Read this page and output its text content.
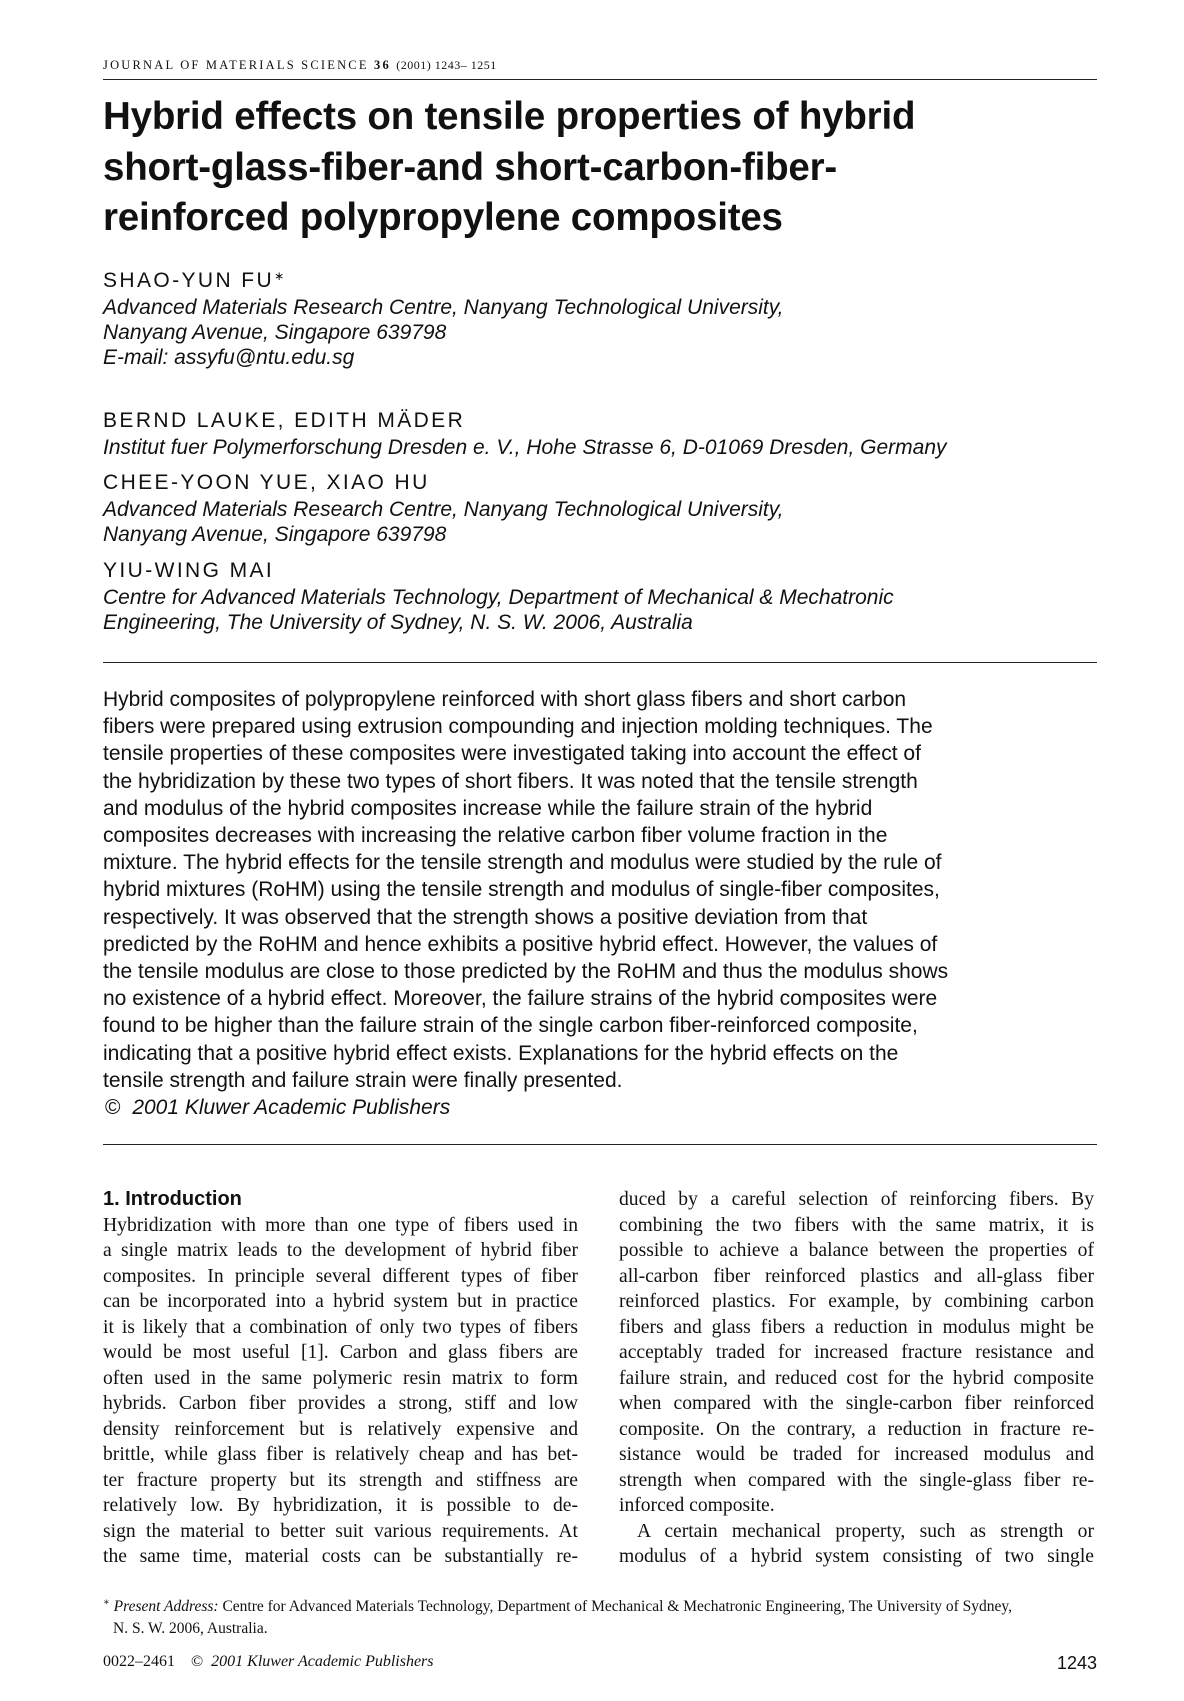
JOURNAL OF MATERIALS SCIENCE 36 (2001) 1243– 1251
Hybrid effects on tensile properties of hybrid
short-glass-fiber-and short-carbon-fiber-
reinforced polypropylene composites
SHAO-YUN FU∗
Advanced Materials Research Centre, Nanyang Technological University,
Nanyang Avenue, Singapore 639798
E-mail: assyfu@ntu.edu.sg
BERND LAUKE, EDITH MÄDER
Institut fuer Polymerforschung Dresden e. V., Hohe Strasse 6, D-01069 Dresden, Germany
CHEE-YOON YUE, XIAO HU
Advanced Materials Research Centre, Nanyang Technological University,
Nanyang Avenue, Singapore 639798
YIU-WING MAI
Centre for Advanced Materials Technology, Department of Mechanical & Mechatronic
Engineering, The University of Sydney, N. S. W. 2006, Australia
Hybrid composites of polypropylene reinforced with short glass fibers and short carbon
fibers were prepared using extrusion compounding and injection molding techniques. The
tensile properties of these composites were investigated taking into account the effect of
the hybridization by these two types of short fibers. It was noted that the tensile strength
and modulus of the hybrid composites increase while the failure strain of the hybrid
composites decreases with increasing the relative carbon fiber volume fraction in the
mixture. The hybrid effects for the tensile strength and modulus were studied by the rule of
hybrid mixtures (RoHM) using the tensile strength and modulus of single-fiber composites,
respectively. It was observed that the strength shows a positive deviation from that
predicted by the RoHM and hence exhibits a positive hybrid effect. However, the values of
the tensile modulus are close to those predicted by the RoHM and thus the modulus shows
no existence of a hybrid effect. Moreover, the failure strains of the hybrid composites were
found to be higher than the failure strain of the single carbon fiber-reinforced composite,
indicating that a positive hybrid effect exists. Explanations for the hybrid effects on the
tensile strength and failure strain were finally presented.
© 2001 Kluwer Academic Publishers
1. Introduction
Hybridization with more than one type of fibers used in
a single matrix leads to the development of hybrid fiber
composites. In principle several different types of fiber
can be incorporated into a hybrid system but in practice
it is likely that a combination of only two types of fibers
would be most useful [1]. Carbon and glass fibers are
often used in the same polymeric resin matrix to form
hybrids. Carbon fiber provides a strong, stiff and low
density reinforcement but is relatively expensive and
brittle, while glass fiber is relatively cheap and has bet-
ter fracture property but its strength and stiffness are
relatively low. By hybridization, it is possible to de-
sign the material to better suit various requirements. At
the same time, material costs can be substantially re-
duced by a careful selection of reinforcing fibers. By
combining the two fibers with the same matrix, it is
possible to achieve a balance between the properties of
all-carbon fiber reinforced plastics and all-glass fiber
reinforced plastics. For example, by combining carbon
fibers and glass fibers a reduction in modulus might be
acceptably traded for increased fracture resistance and
failure strain, and reduced cost for the hybrid composite
when compared with the single-carbon fiber reinforced
composite. On the contrary, a reduction in fracture re-
sistance would be traded for increased modulus and
strength when compared with the single-glass fiber re-
inforced composite.
A certain mechanical property, such as strength or
modulus of a hybrid system consisting of two single
∗ Present Address: Centre for Advanced Materials Technology, Department of Mechanical & Mechatronic Engineering, The University of Sydney,
N. S. W. 2006, Australia.
0022–2461 © 2001 Kluwer Academic Publishers	1243
